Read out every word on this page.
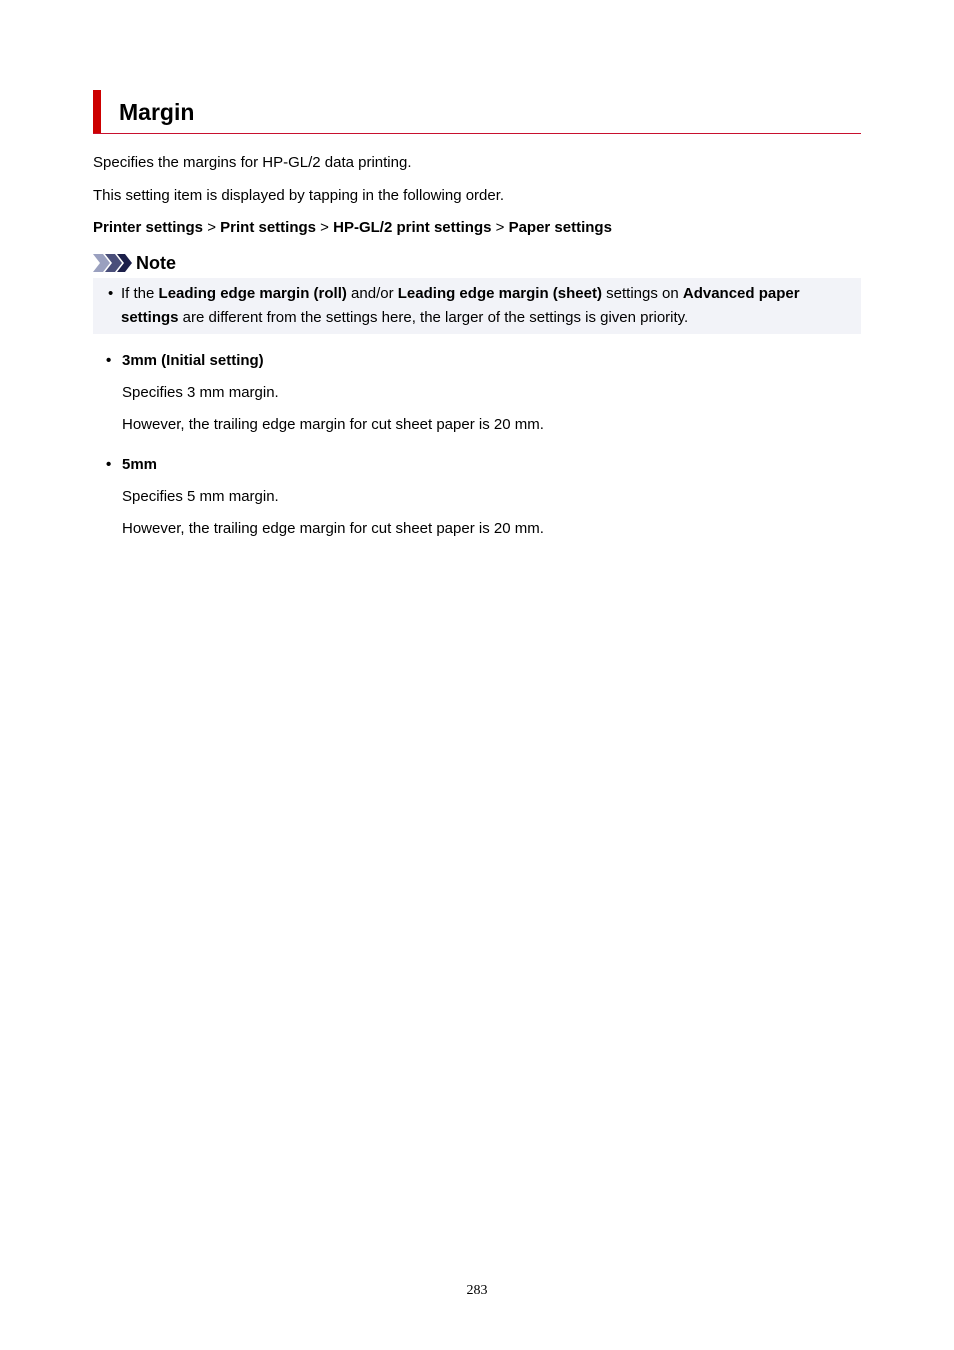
Margin
Specifies the margins for HP-GL/2 data printing.
This setting item is displayed by tapping in the following order.
Printer settings > Print settings > HP-GL/2 print settings > Paper settings
Note
• If the Leading edge margin (roll) and/or Leading edge margin (sheet) settings on Advanced paper
settings are different from the settings here, the larger of the settings is given priority.
• 3mm (Initial setting)
Specifies 3 mm margin.
However, the trailing edge margin for cut sheet paper is 20 mm.
• 5mm
Specifies 5 mm margin.
However, the trailing edge margin for cut sheet paper is 20 mm.
283
